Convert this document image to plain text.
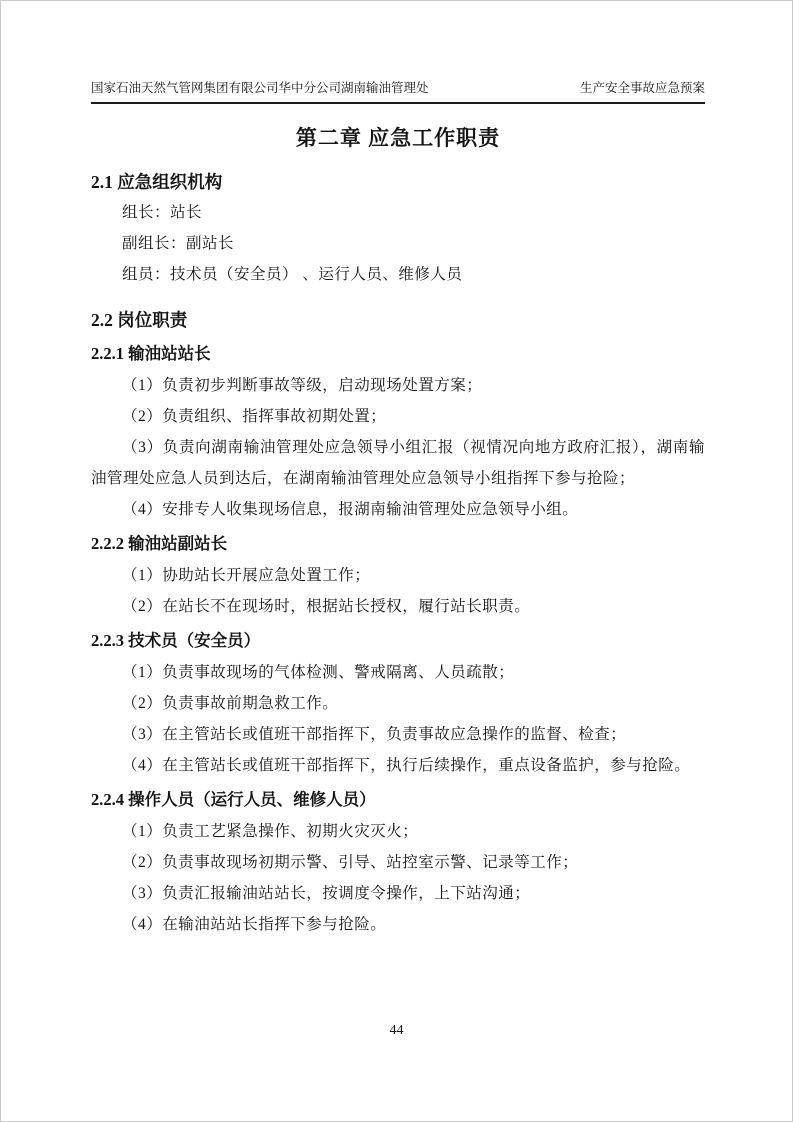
国家石油天然气管网集团有限公司华中分公司湖南输油管理处	生产安全事故应急预案
第二章 应急工作职责
2.1 应急组织机构

组长：站长

副组长：副站长

组员：技术员（安全员） 、运行人员、维修人员

2.2 岗位职责
2.2.1 输油站站长

（1）负责初步判断事故等级，启动现场处置方案；

（2）负责组织、指挥事故初期处置；

（3）负责向湖南输油管理处应急领导小组汇报（视情况向地方政府汇报），湖南输油管理处应急人员到达后，在湖南输油管理处应急领导小组指挥下参与抢险；

（4）安排专人收集现场信息，报湖南输油管理处应急领导小组。

2.2.2 输油站副站长

（1）协助站长开展应急处置工作；

（2）在站长不在现场时，根据站长授权，履行站长职责。

2.2.3 技术员（安全员）

（1）负责事故现场的气体检测、警戒隔离、人员疏散；

（2）负责事故前期急救工作。

（3）在主管站长或值班干部指挥下，负责事故应急操作的监督、检查；

（4）在主管站长或值班干部指挥下，执行后续操作，重点设备监护，参与抢险。

2.2.4 操作人员（运行人员、维修人员）

（1）负责工艺紧急操作、初期火灾灭火；

（2）负责事故现场初期示警、引导、站控室示警、记录等工作；

（3）负责汇报输油站站长，按调度令操作，上下站沟通；

（4）在输油站站长指挥下参与抢险。

44
